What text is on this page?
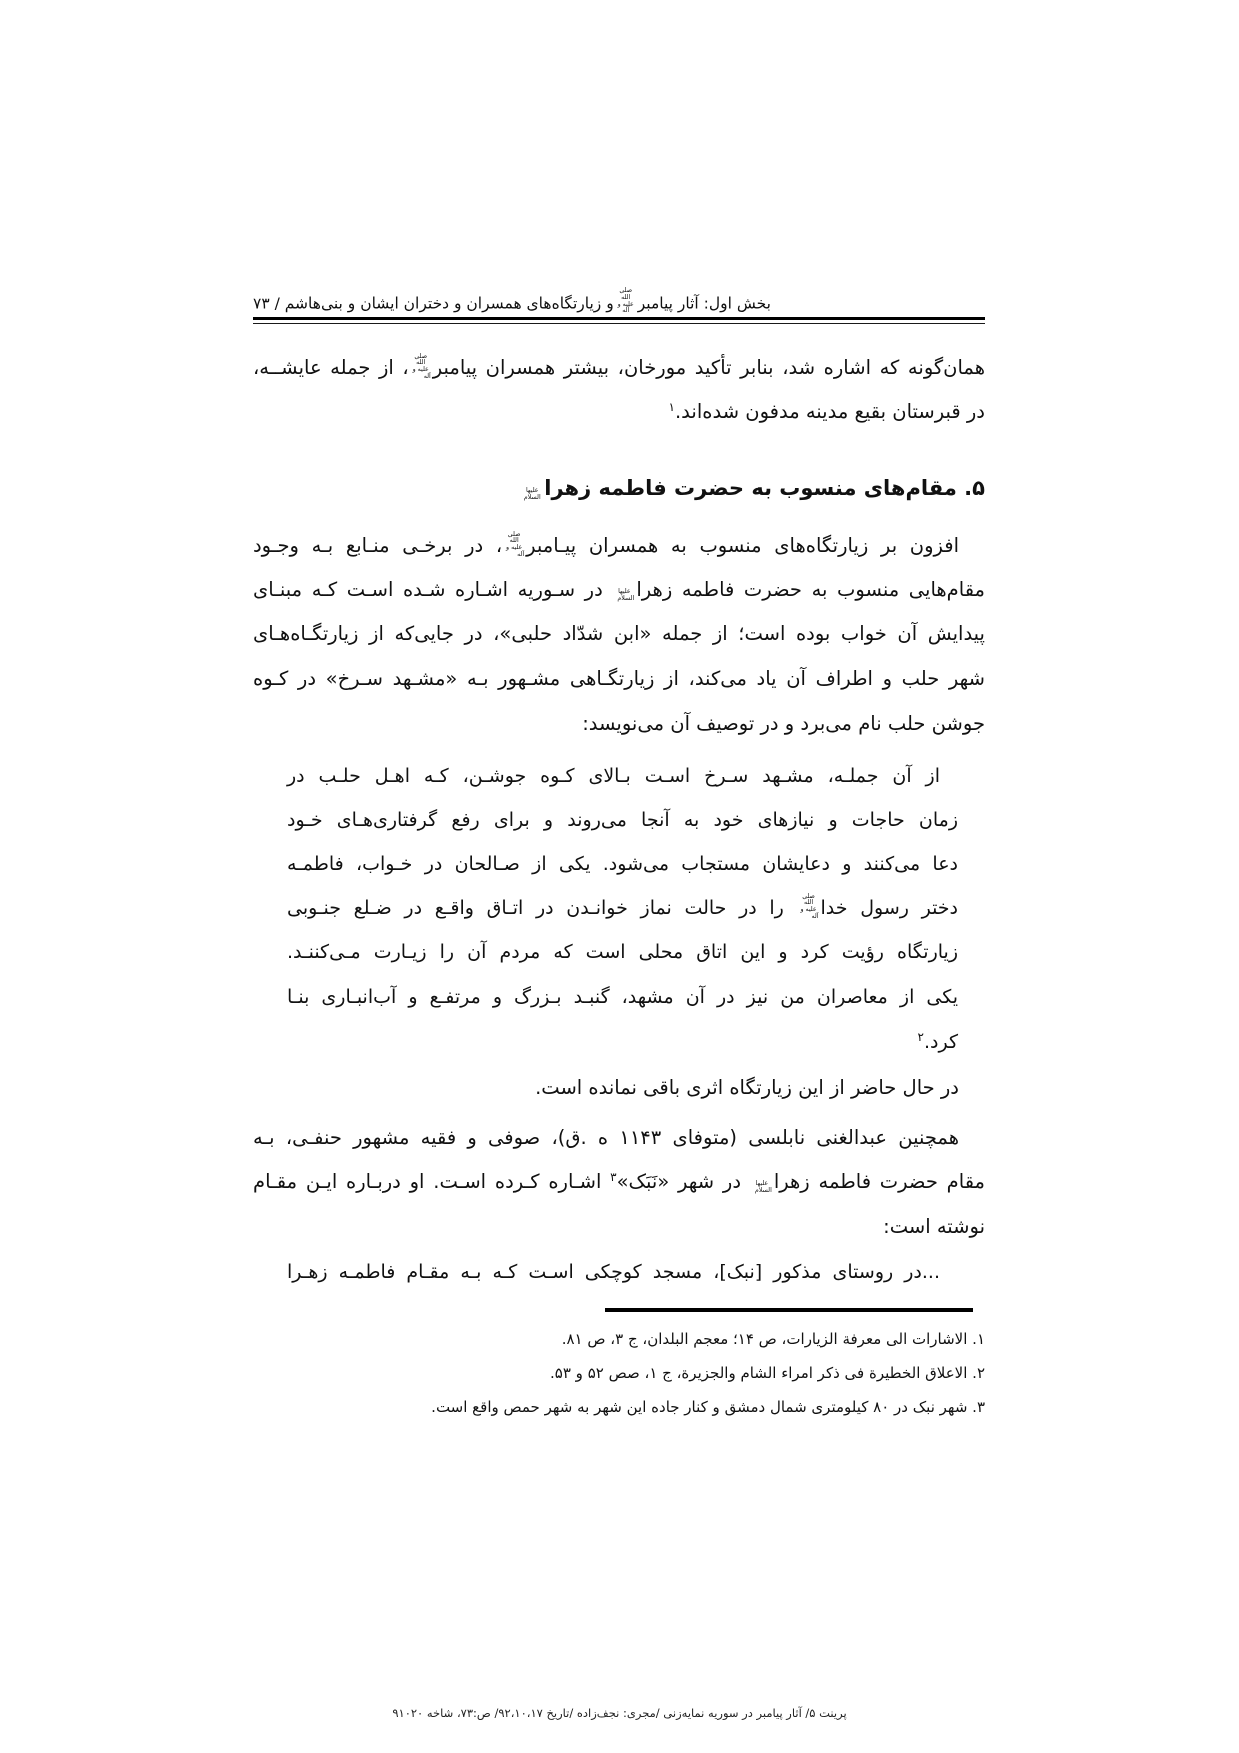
بخش اول: آثار پیامبرصلی الله علیه و آلهو زیارتگاه‌های همسران و دختران ایشان و بنی‌هاشم / ۷۳
همان‌گونه که اشاره شد، بنابر تأکید مورخان، بیشتر همسران پیامبرصلی الله علیه و آله، از جمله عایشــه،
در قبرستان بقیع مدینه مدفون شده‌اند.$^۱$
۵. مقام‌های منسوب به حضرت فاطمه زهراعلیها السلام
افزون بر زیارتگاه‌های منسوب به همسران پیـامبرصلی الله علیه و آله، در برخـی منـابع بـه وجـود
مقام‌هایی منسوب به حضرت فاطمه زهراعلیها السلام در سـوریه اشـاره شـده اسـت کـه مبنـای
پیدایش آن خواب بوده است؛ از جمله «ابن شدّاد حلبی»، در جایی‌که از زیارتگـاه‌هـای
شهر حلب و اطراف آن یاد می‌کند، از زیارتگـاهی مشـهور بـه «مشـهد سـرخ» در کـوه
جوشن حلب نام می‌برد و در توصیف آن می‌نویسد:
از آن جملـه، مشـهد سـرخ اسـت بـالای کـوه جوشـن، کـه اهـل حلـب در
زمان حاجات و نیازهای خود به آنجا می‌روند و برای رفع گرفتاری‌هـای خـود
دعا می‌کنند و دعایشان مستجاب می‌شود. یکی از صـالحان در خـواب، فاطمـه
دختر رسول خداصلی الله علیه و آله را در حالت نماز خوانـدن در اتـاق واقـع در ضـلع جنـوبی
زیارتگاه رؤیت کرد و این اتاق محلی است که مردم آن را زیـارت مـی‌کننـد.
یکی از معاصران من نیز در آن مشهد، گنبـد بـزرگ و مرتفـع و آب‌انبـاری بنـا
کرد.$^۲$
در حال حاضر از این زیارتگاه اثری باقی نمانده است.
همچنین عبدالغنی نابلسی (متوفای ۱۱۴۳ ه .ق)، صوفی و فقیه مشهور حنفـی، بـه
مقام حضرت فاطمه زهراعلیها السلام در شهر «نَبَک»$^۳$ اشـاره کـرده اسـت. او دربـاره ایـن مقـام
نوشته است:
...در روستای مذکور [نبک]، مسجد کوچکی اسـت کـه بـه مقـام فاطمـه زهـرا
۱. الاشارات الی معرفة الزیارات، ص ۱۴؛ معجم البلدان، ج ۳، ص ۸۱.
۲. الاعلاق الخطیرة فی ذکر امراء الشام والجزیرة، ج ۱، صص ۵۲ و ۵۳.
۳. شهر نبک در ۸۰ کیلومتری شمال دمشق و کنار جاده این شهر به شهر حمص واقع است.
پرینت ۵/ آثار پیامبر در سوریه نمایه‌زنی /مجری: نجف‌زاده /تاریخ ۹۲،۱۰،۱۷/ ص:۷۳، شاخه ۹۱۰۲۰
